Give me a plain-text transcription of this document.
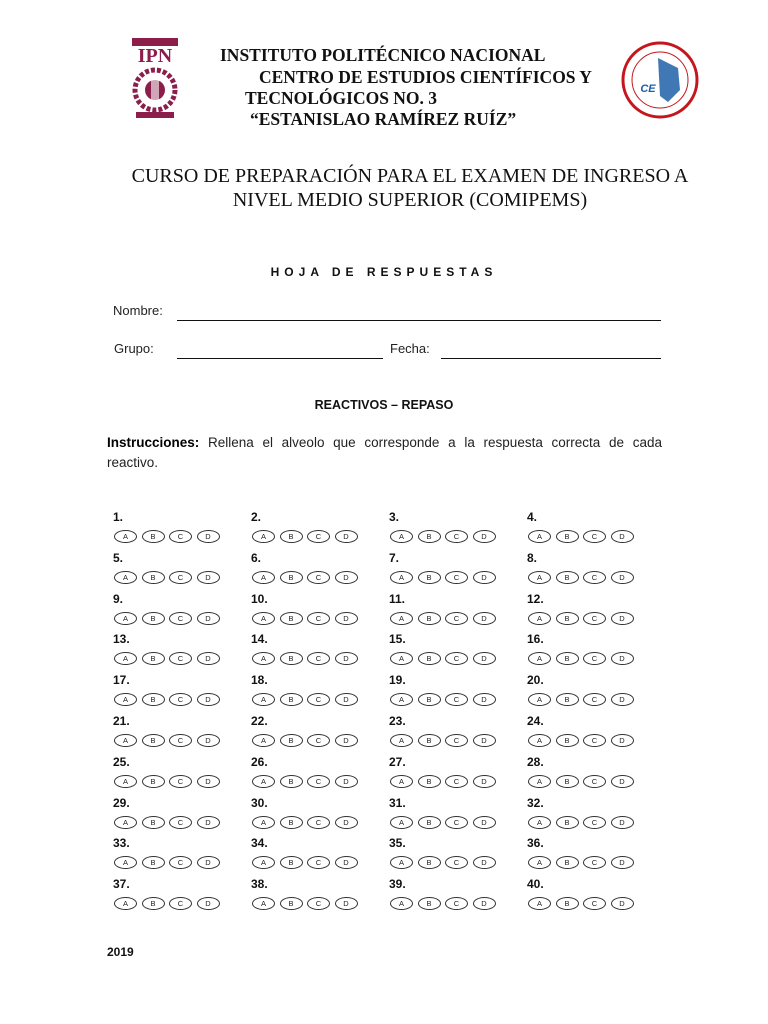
IPN
CE
INSTITUTO POLITÉCNICO NACIONAL
CENTRO DE ESTUDIOS CIENTÍFICOS Y
TECNOLÓGICOS NO. 3
“ESTANISLAO RAMÍREZ RUÍZ”
CURSO DE PREPARACIÓN PARA EL EXAMEN DE INGRESO A
NIVEL MEDIO SUPERIOR (COMIPEMS)
HOJA DE RESPUESTAS
Nombre:
Grupo:	Fecha:
REACTIVOS – REPASO
Instrucciones: Rellena el alveolo que corresponde a la respuesta correcta de cada reactivo.
1.
A	B	C	D
2.
A	B	C	D
3.
A	B	C	D
4.
A	B	C	D
5.
A	B	C	D
6.
A	B	C	D
7.
A	B	C	D
8.
A	B	C	D
9.
A	B	C	D
10.
A	B	C	D
11.
A	B	C	D
12.
A	B	C	D
13.
A	B	C	D
14.
A	B	C	D
15.
A	B	C	D
16.
A	B	C	D
17.
A	B	C	D
18.
A	B	C	D
19.
A	B	C	D
20.
A	B	C	D
21.
A	B	C	D
22.
A	B	C	D
23.
A	B	C	D
24.
A	B	C	D
25.
A	B	C	D
26.
A	B	C	D
27.
A	B	C	D
28.
A	B	C	D
29.
A	B	C	D
30.
A	B	C	D
31.
A	B	C	D
32.
A	B	C	D
33.
A	B	C	D
34.
A	B	C	D
35.
A	B	C	D
36.
A	B	C	D
37.
A	B	C	D
38.
A	B	C	D
39.
A	B	C	D
40.
A	B	C	D
2019
